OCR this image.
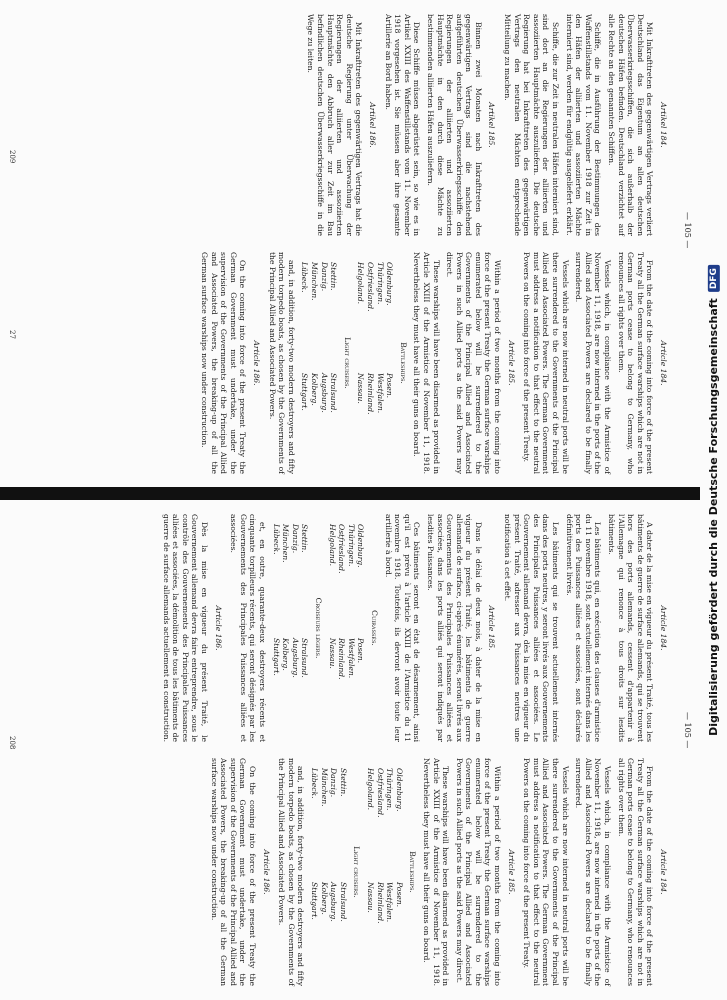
— 105 —
Artikel 184.

Mit Inkrafttreten des gegenwärtigen Vertrags verliert Deutschland das Eigentum an allen deutschen Überwasserkriegsschiffen, die sich außerhalb der deutschen Häfen befinden. Deutschland verzichtet auf alle Rechte an den genannten Schiffen.

Schiffe, die in Ausführung der Bestimmungen des Waffenstillstands vom 11. November 1918 zur Zeit in den Häfen der alliierten und assoziierten Mächte interniert sind, werden für endgültig ausgeliefert erklärt.

Schiffe, die zur Zeit in neutralen Häfen interniert sind, sind dort an die Regierungen der alliierten und assoziierten Hauptmächte auszuliefern. Die deutsche Regierung hat bei Inkrafttreten des gegenwärtigen Vertrags den neutralen Mächten entsprechende Mitteilung zu machen.

Artikel 185.

Binnen zwei Monaten nach Inkrafttreten des gegenwärtigen Vertrags sind die nachstehend aufgeführten deutschen Überwasserkriegsschiffe den Regierungen der alliierten und assoziierten Hauptmächte in den durch diese Mächte zu bestimmenden alliierten Häfen auszuliefern.

Diese Schiffe müssen abgerüstet sein, so wie es in Artikel XXIII des Waffenstillstands vom 11. November 1918 vorgesehen ist. Sie müssen aber ihre gesamte Artillerie an Bord haben.

Artikel 186.

Mit Inkrafttreten des gegenwärtigen Vertrags hat die deutsche Regierung unter Überwachung der Regierungen der alliierten und assoziierten Hauptmächte den Abbruch aller zur Zeit im Bau befindlichen deutschen Überwasserkriegsschiffe in die Wege zu leiten.

Article 184.

From the date of the coming into force of the present Treaty all the German surface warships which are not in German ports cease to belong to Germany, who renounces all rights over them.

Vessels which, in compliance with the Armistice of November 11, 1918, are now interned in the ports of the Allied and Associated Powers are declared to be finally surrendered.

Vessels which are now interned in neutral ports will be there surrendered to the Governments of the Principal Allied and Associated Powers. The German Government must address a notification to that effect to the neutral Powers on the coming into force of the present Treaty.

Article 185.

Within a period of two months from the coming into force of the present Treaty the German surface warships enumerated below will be surrendered to the Governments of the Principal Allied and Associated Powers in such Allied ports as the said Powers may direct.

These warships will have been disarmed as provided in Article XXIII of the Armistice of November 11, 1918. Nevertheless they must have all their guns on board.

Battleships.

Oldenburg.
Posen.
Thüringen.
Westfalen.
Ostfriesland.
Rheinland.
Helgoland.
Nassau.

Light cruisers.

Stettin.
Stralsund.
Danzig.
Augsburg.
München.
Kolberg.
Lübeck.
Stuttgart.

and, in addition, forty-two modern destroyers and fifty modern torpedo boats, as chosen by the Governments of the Principal Allied and Associated Powers.

Article 186.

On the coming into force of the present Treaty the German Government must undertake, under the supervision of the Governments of the Principal Allied and Associated Powers, the breaking-up of all the German surface warships now under construction.

209
27
— 105 —
Article 184.

A dater de la mise en vigueur du présent Traité, tous les bâtiments de guerre de surface allemands, qui se trouvent hors des ports allemands, cessent d'appartenir à l'Allemagne qui renonce à tous droits sur lesdits bâtiments.

Les bâtiments qui, en exécution des clauses d'armistice du 11 novembre 1918, sont actuellement internés dans les ports des Puissances alliées et associées, sont déclarés définitivement livrés.

Les bâtiments qui se trouvent actuellement internés dans des ports neutres, y seront livrés aux Gouvernements des Principales Puissances alliées et associées. Le Gouvernement allemand devra, dès la mise en vigueur du présent Traité, adresser aux Puissances neutres une notification à cet effet.

Article 185.

Dans le délai de deux mois, à dater de la mise en vigueur du présent Traité, les bâtiments de guerre allemands de surface, ci-après énumérés, seront livrés aux Gouvernements des Principales Puissances alliées et associées, dans les ports alliés qui seront indiqués par lesdites Puissances.

Ces bâtiments seront en état de désarmement, ainsi qu'il est prévu à l'article XXIII de l'Armistice du 11 novembre 1918. Toutefois, ils devront avoir toute leur artillerie à bord.

Cuirassés.

Oldenburg.
Posen.
Thüringen.
Westfalen.
Ostfriesland.
Rheinland.
Helgoland.
Nassau.

Croiseurs légers.

Stettin.
Stralsund.
Danzig.
Augsburg.
München.
Kolberg.
Lübeck.
Stuttgart.

et, en outre, quarante-deux destroyers récents et cinquante torpilleurs récents, qui seront désignés par les Gouvernements des Principales Puissances alliées et associées.

Article 186.

Dès la mise en vigueur du présent Traité, le Gouvernement allemand devra faire entreprendre, sous le contrôle des Gouvernements des Principales Puissances alliées et associées, la démolition de tous les bâtiments de guerre de surface allemands actuellement en construction.

Article 184.

From the date of the coming into force of the present Treaty all the German surface warships which are not in German ports cease to belong to Germany, who renounces all rights over them.

Vessels which, in compliance with the Armistice of November 11, 1918, are now interned in the ports of the Allied and Associated Powers are declared to be finally surrendered.

Vessels which are now interned in neutral ports will be there surrendered to the Governments of the Principal Allied and Associated Powers. The German Government must address a notification to that effect to the neutral Powers on the coming into force of the present Treaty.

Article 185.

Within a period of two months from the coming into force of the present Treaty the German surface warships enumerated below will be surrendered to the Governments of the Principal Allied and Associated Powers in such Allied ports as the said Powers may direct.

These warships will have been disarmed as provided in Article XXIII of the Armistice of November 11, 1918. Nevertheless they must have all their guns on board.

Battleships.

Oldenburg.
Posen.
Thüringen.
Westfalen.
Ostfriesland.
Rheinland.
Helgoland.
Nassau.

Light cruisers.

Stettin.
Stralsund.
Danzig.
Augsburg.
München.
Kolberg.
Lübeck.
Stuttgart.

and, in addition, forty-two modern destroyers and fifty modern torpedo boats, as chosen by the Governments of the Principal Allied and Associated Powers.

Article 186.

On the coming into force of the present Treaty the German Government must undertake, under the supervision of the Governments of the Principal Allied and Associated Powers, the breaking-up of all the German surface warships now under construction.

208
Digitalisierung gefördert durch die Deutsche Forschungsgemeinschaft
DFG
